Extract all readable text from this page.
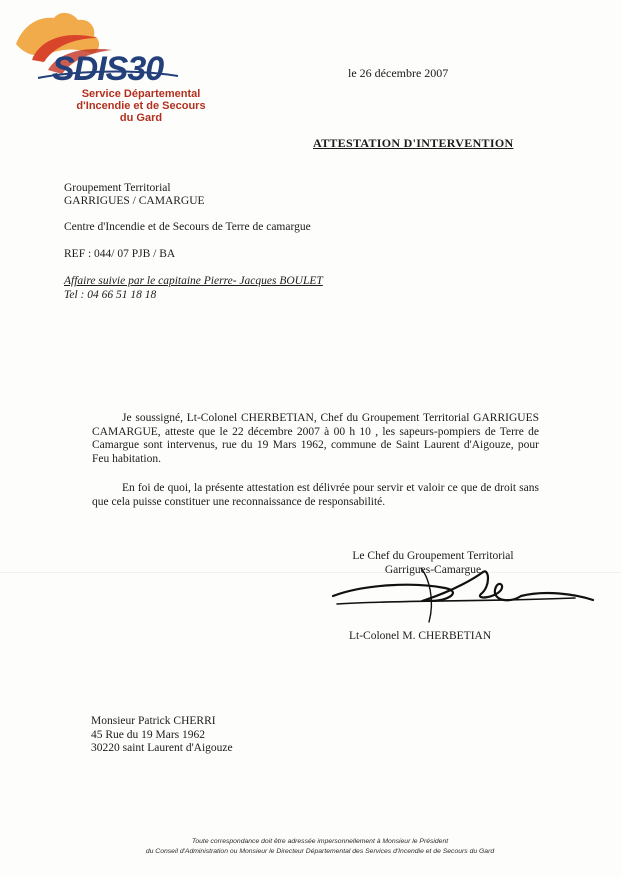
SDIS30
Service Départemental
d'Incendie et de Secours
du Gard
le 26 décembre 2007
ATTESTATION D'INTERVENTION
Groupement Territorial
GARRIGUES / CAMARGUE
Centre d'Incendie et de Secours de Terre de camargue
REF : 044/ 07 PJB / BA
Affaire suivie par le capitaine Pierre- Jacques BOULET
Tel : 04 66 51 18 18

Je soussigné, Lt-Colonel CHERBETIAN, Chef du Groupement Territorial GARRIGUES CAMARGUE, atteste que le 22 décembre 2007 à 00 h 10 , les sapeurs-pompiers de Terre de Camargue sont intervenus, rue du 19 Mars 1962, commune de Saint Laurent d'Aigouze, pour Feu habitation.

En foi de quoi, la présente attestation est délivrée pour servir et valoir ce que de droit sans que cela puisse constituer une reconnaissance de responsabilité.

Le Chef du Groupement Territorial
Garrigues-Camargue
Lt-Colonel M. CHERBETIAN
Monsieur Patrick CHERRI
45 Rue du 19 Mars 1962
30220 saint Laurent d'Aigouze
Toute correspondance doit être adressée impersonnellement à Monsieur le Président
du Conseil d'Administration ou Monsieur le Directeur Départemental des Services d'Incendie et de Secours du Gard
